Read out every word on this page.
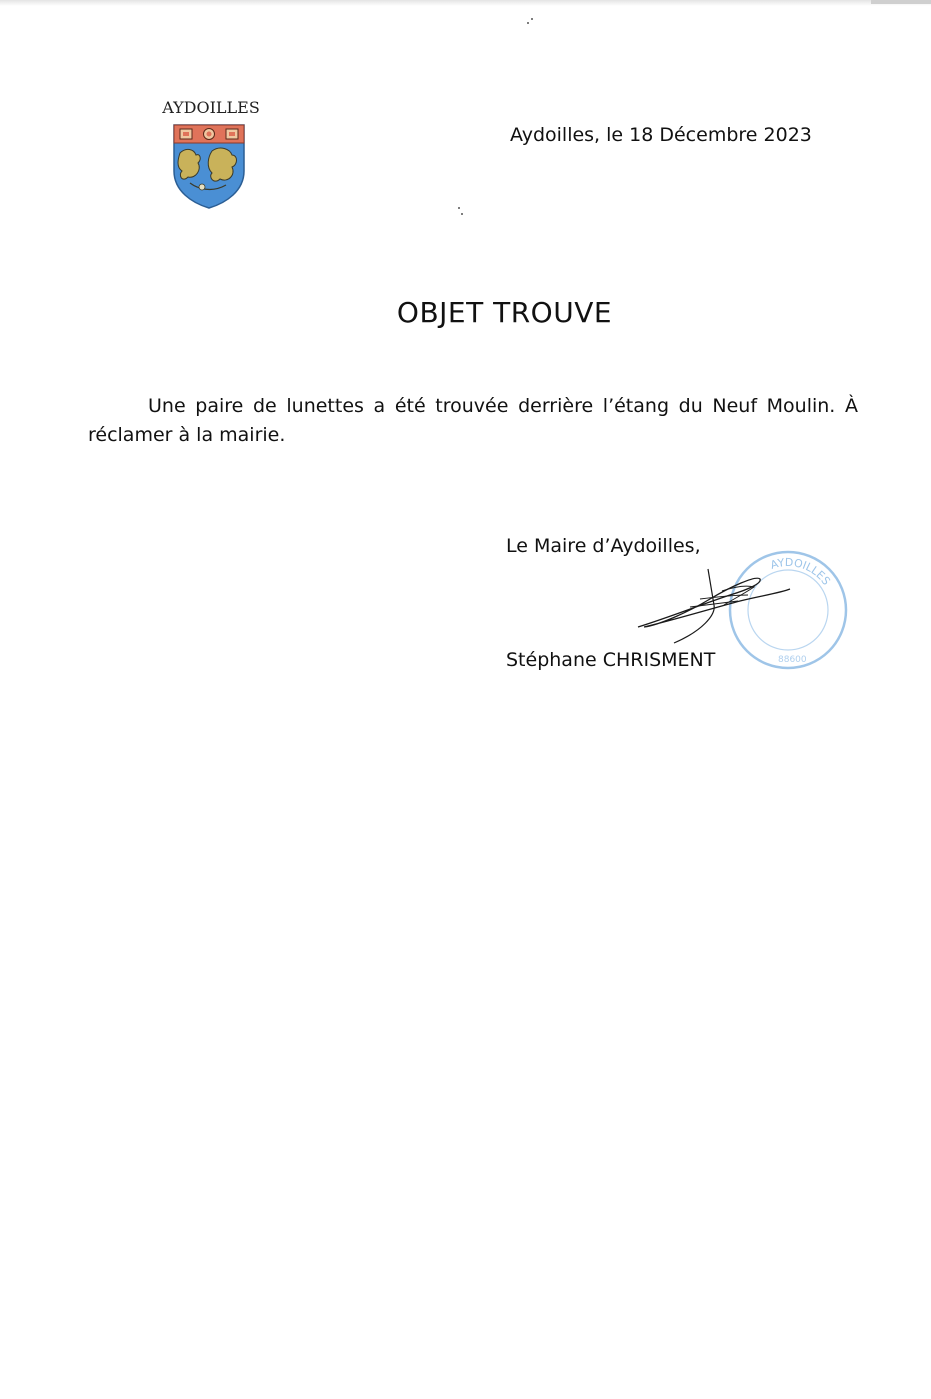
AYDOILLES
Aydoilles, le 18 Décembre 2023
OBJET TROUVE

Une paire de lunettes a été trouvée derrière l’étang du Neuf Moulin. À réclamer à la mairie.

Le Maire d’Aydoilles,
AYDOILLES
88600
Stéphane CHRISMENT
